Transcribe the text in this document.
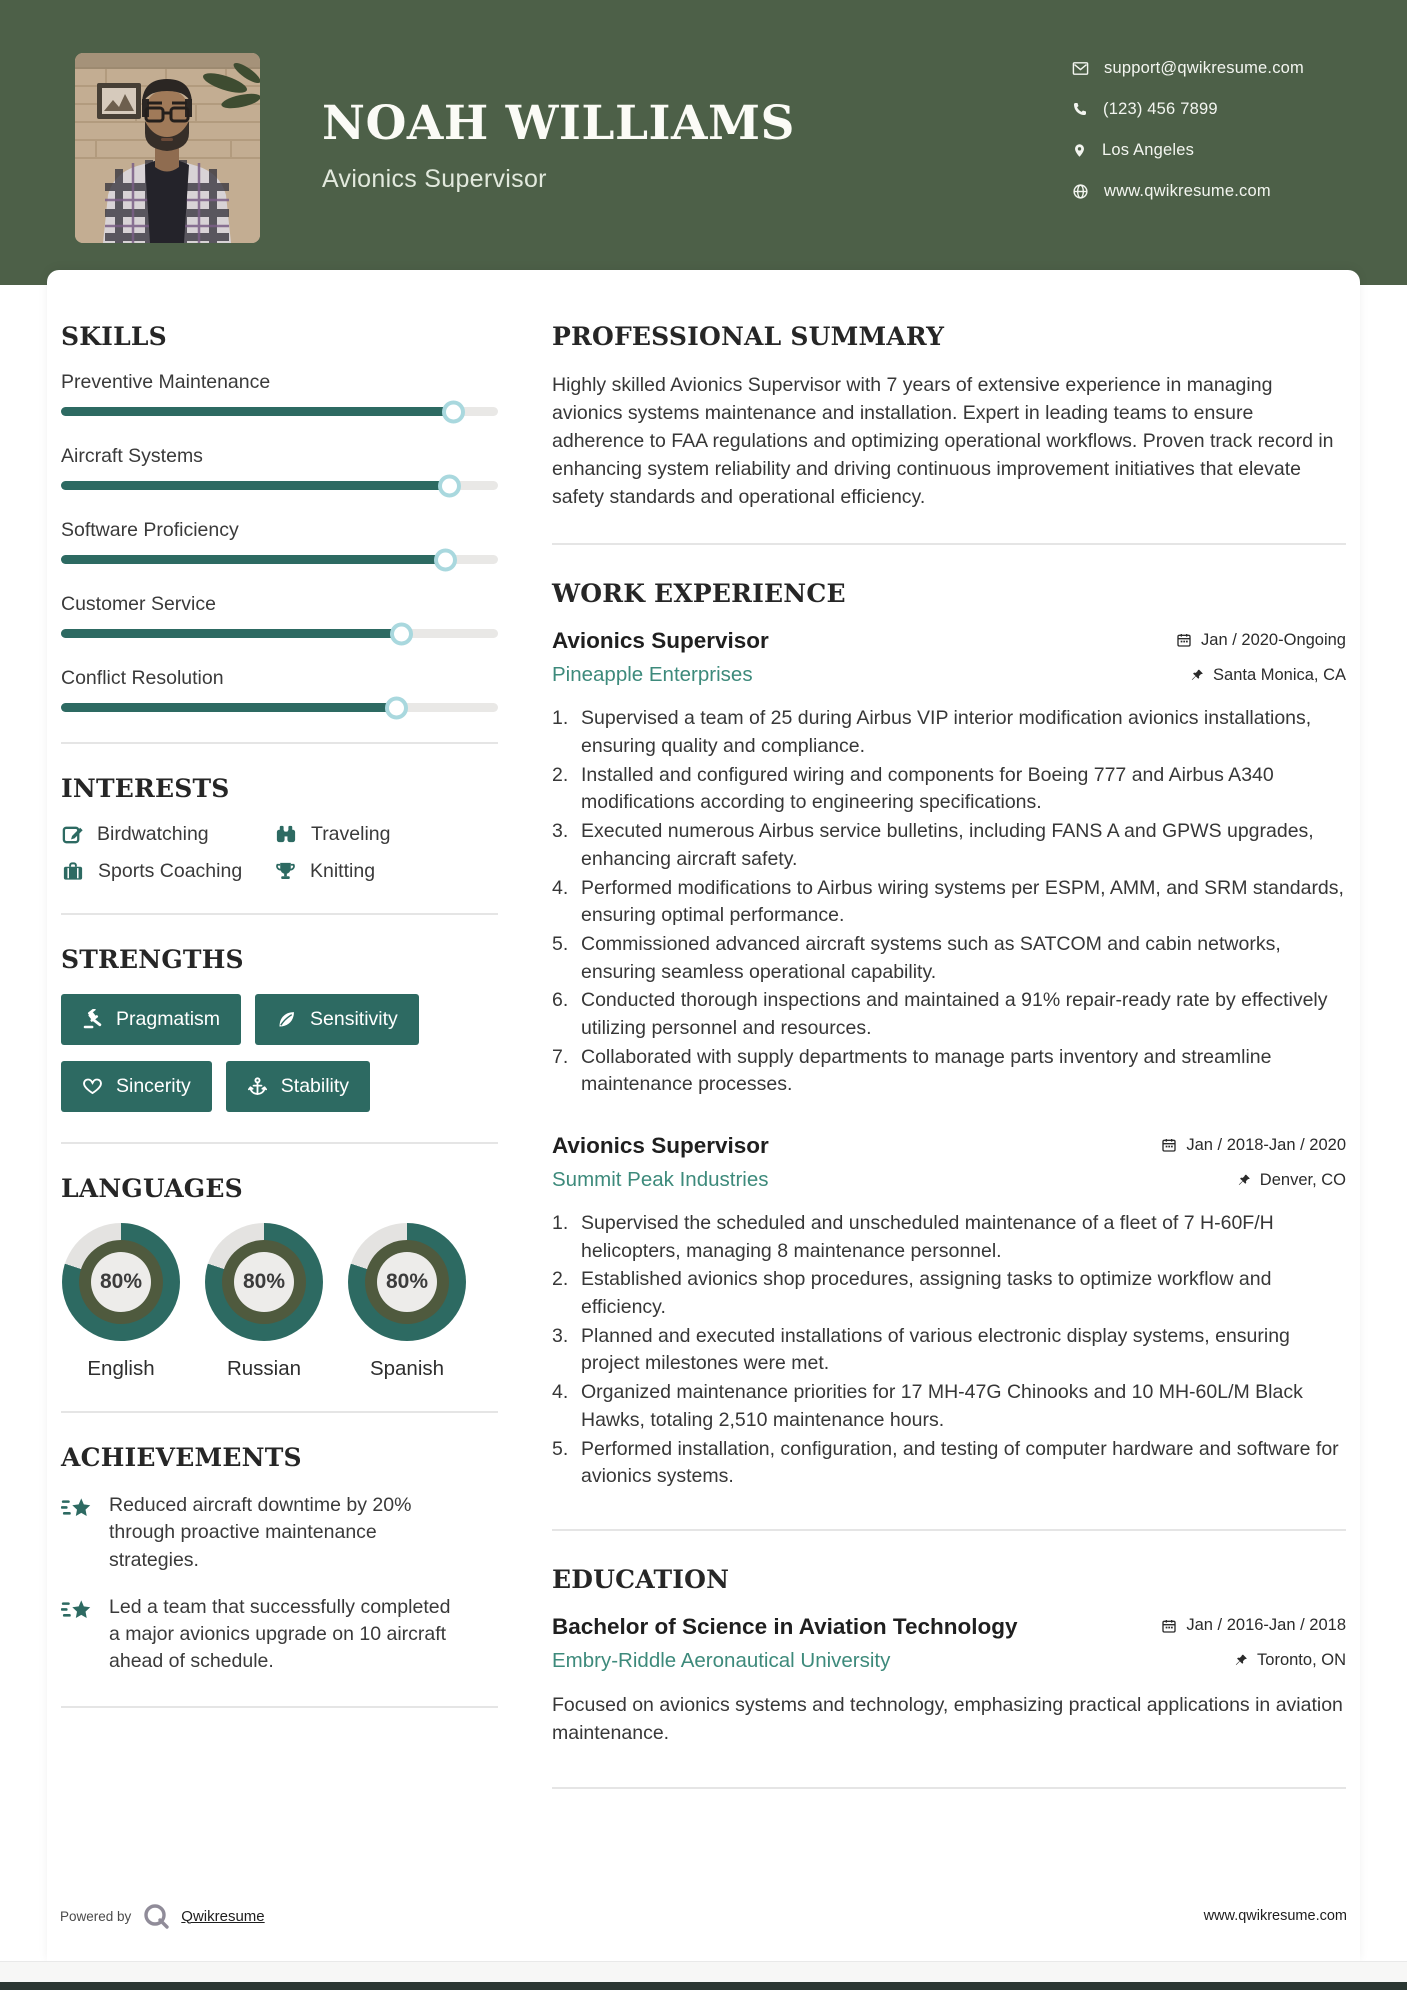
NOAH WILLIAMS
Avionics Supervisor
support@qwikresume.com
(123) 456 7899
Los Angeles
www.qwikresume.com
SKILLS
Preventive Maintenance
Aircraft Systems
Software Proficiency
Customer Service
Conflict Resolution
INTERESTS
Birdwatching	Traveling
Sports Coaching	Knitting
STRENGTHS
Pragmatism	Sensitivity
Sincerity	Stability
LANGUAGES
80%
English
80%
Russian
80%
Spanish
ACHIEVEMENTS
Reduced aircraft downtime by 20% through proactive maintenance strategies.
Led a team that successfully completed a major avionics upgrade on 10 aircraft ahead of schedule.
PROFESSIONAL SUMMARY

Highly skilled Avionics Supervisor with 7 years of extensive experience in managing avionics systems maintenance and installation. Expert in leading teams to ensure adherence to FAA regulations and optimizing operational workflows. Proven track record in enhancing system reliability and driving continuous improvement initiatives that elevate safety standards and operational efficiency.

WORK EXPERIENCE
Avionics Supervisor	Jan / 2020-Ongoing
Pineapple Enterprises	Santa Monica, CA
Supervised a team of 25 during Airbus VIP interior modification avionics installations, ensuring quality and compliance.
Installed and configured wiring and components for Boeing 777 and Airbus A340 modifications according to engineering specifications.
Executed numerous Airbus service bulletins, including FANS A and GPWS upgrades, enhancing aircraft safety.
Performed modifications to Airbus wiring systems per ESPM, AMM, and SRM standards, ensuring optimal performance.
Commissioned advanced aircraft systems such as SATCOM and cabin networks, ensuring seamless operational capability.
Conducted thorough inspections and maintained a 91% repair-ready rate by effectively utilizing personnel and resources.
Collaborated with supply departments to manage parts inventory and streamline maintenance processes.
Avionics Supervisor	Jan / 2018-Jan / 2020
Summit Peak Industries	Denver, CO
Supervised the scheduled and unscheduled maintenance of a fleet of 7 H-60F/H helicopters, managing 8 maintenance personnel.
Established avionics shop procedures, assigning tasks to optimize workflow and efficiency.
Planned and executed installations of various electronic display systems, ensuring project milestones were met.
Organized maintenance priorities for 17 MH-47G Chinooks and 10 MH-60L/M Black Hawks, totaling 2,510 maintenance hours.
Performed installation, configuration, and testing of computer hardware and software for avionics systems.
EDUCATION
Bachelor of Science in Aviation Technology	Jan / 2016-Jan / 2018
Embry-Riddle Aeronautical University	Toronto, ON

Focused on avionics systems and technology, emphasizing practical applications in aviation maintenance.

Powered by	Qwikresume	www.qwikresume.com
